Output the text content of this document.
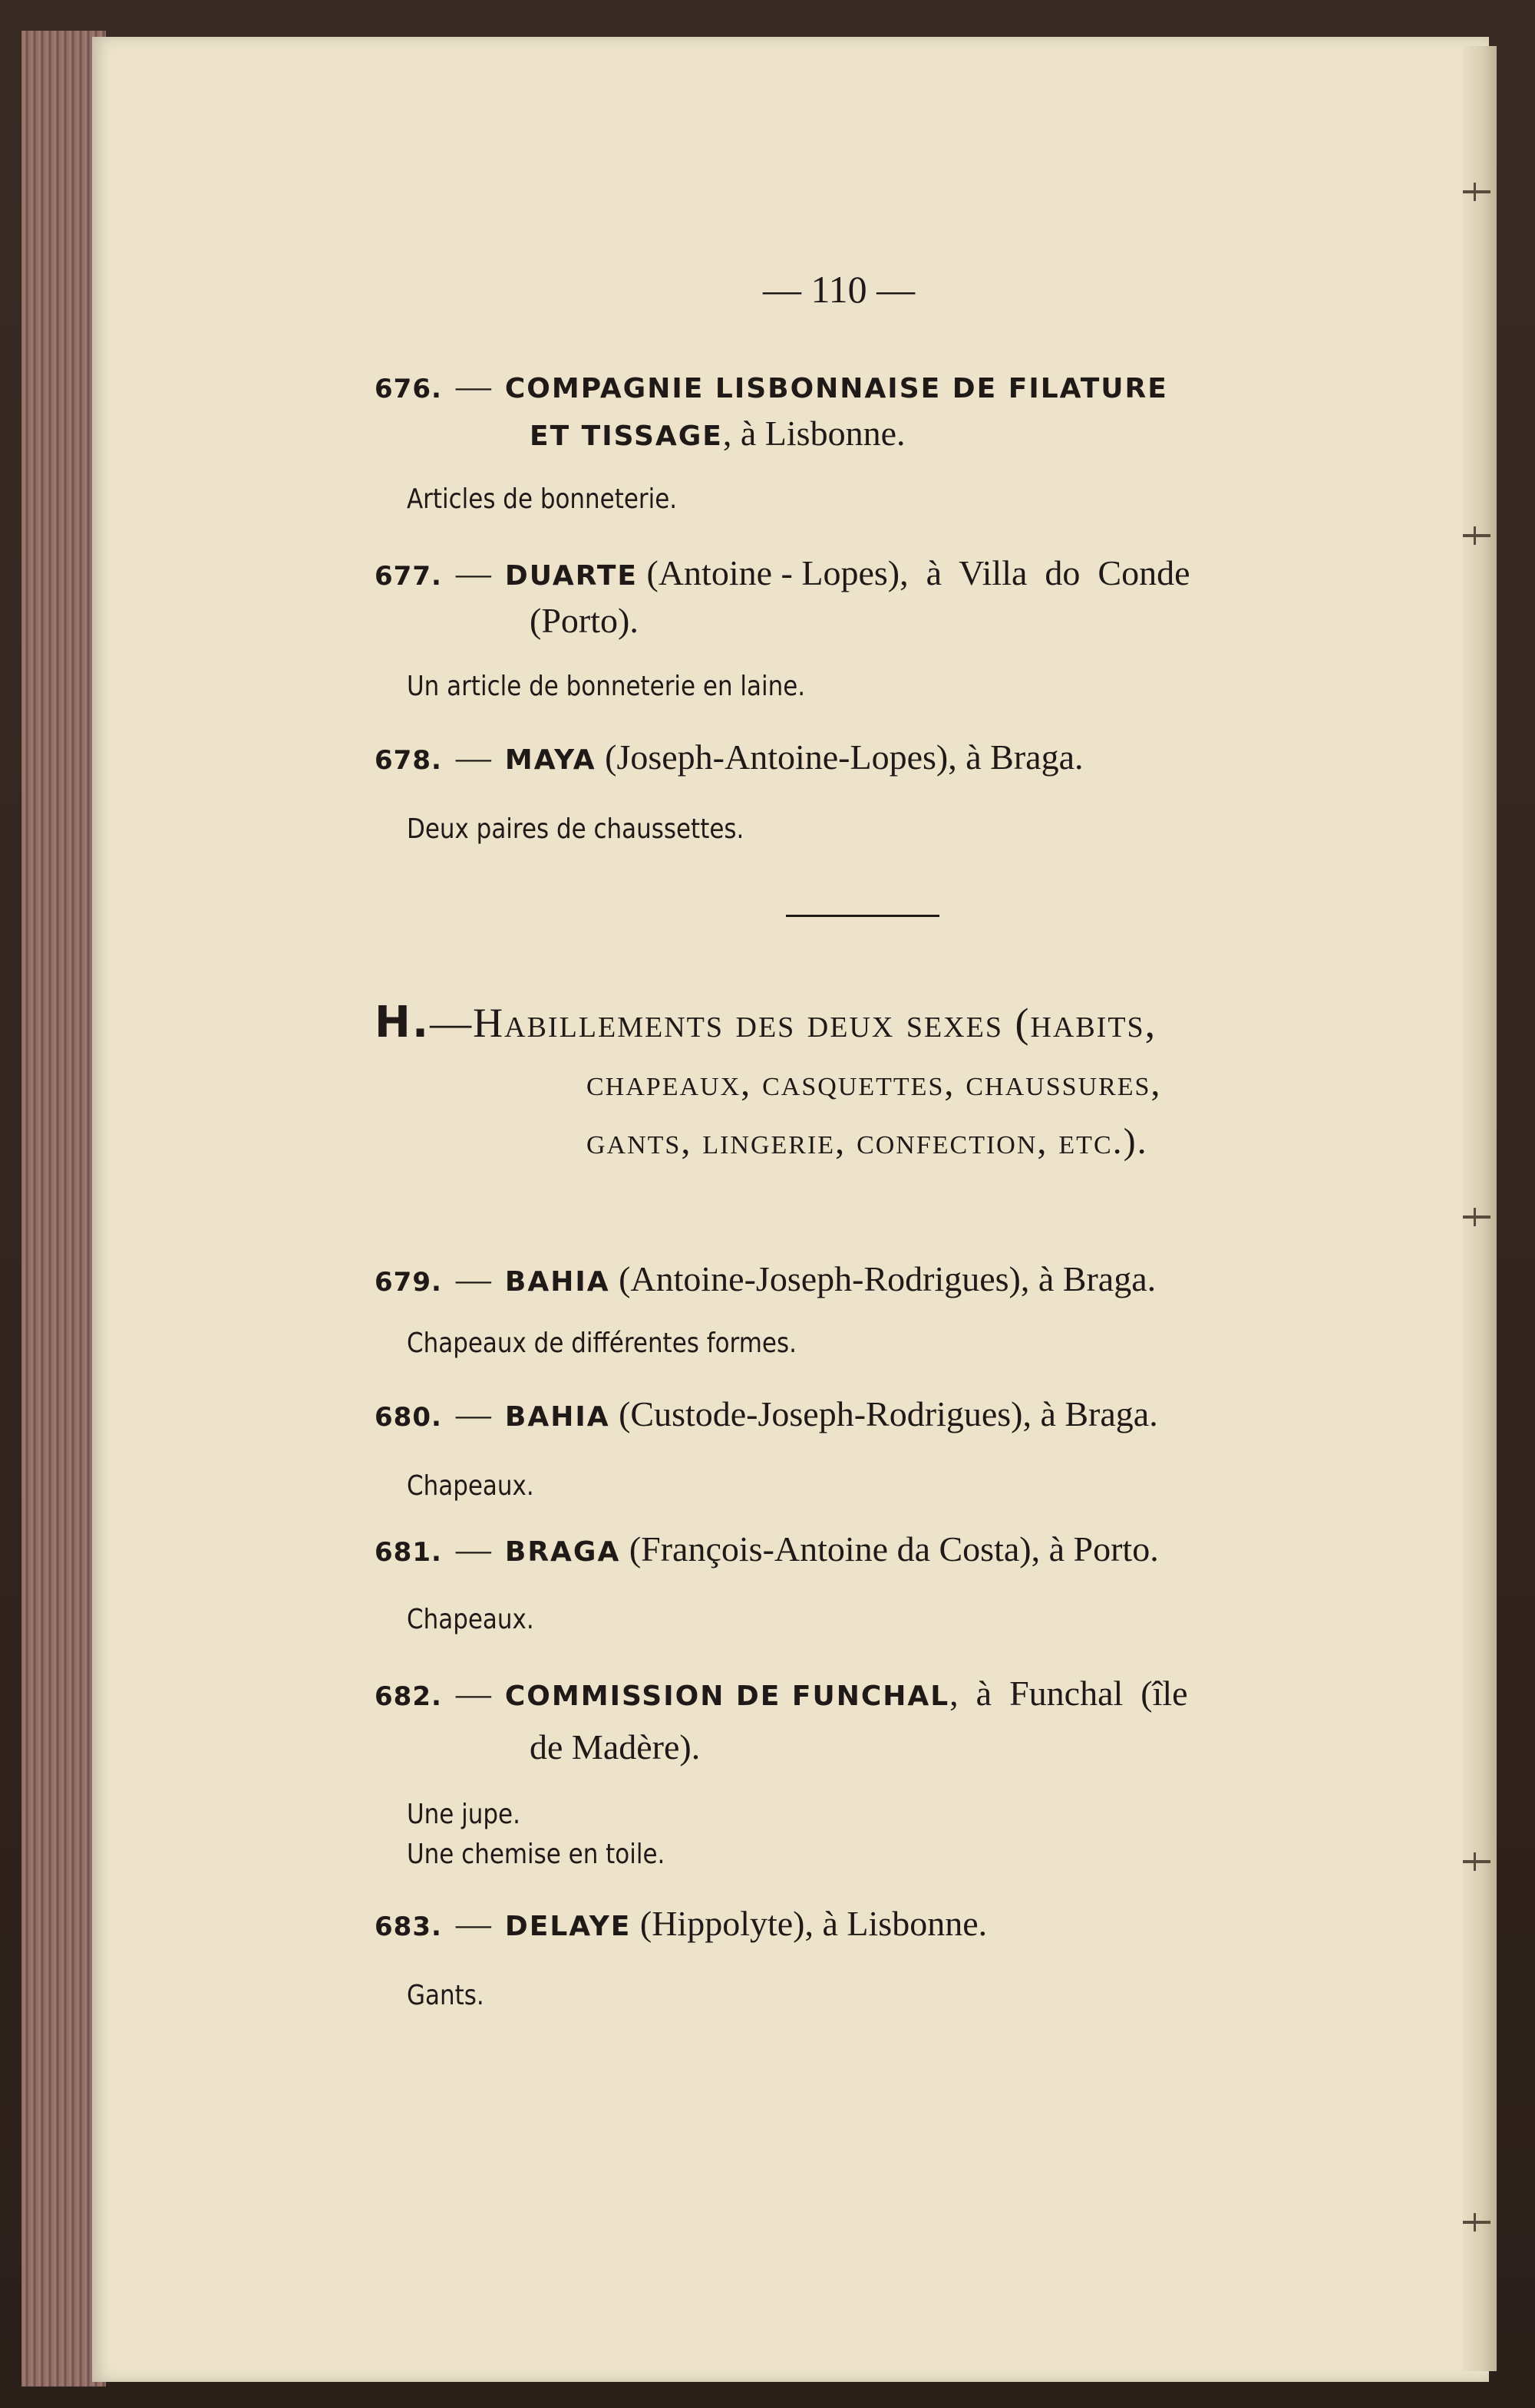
— 110 —
676. — COMPAGNIE LISBONNAISE DE FILATURE
ET TISSAGE, à Lisbonne.
Articles de bonneterie.
677. — DUARTE (Antoine - Lopes),  à  Villa  do  Conde
(Porto).
Un article de bonneterie en laine.
678. — MAYA (Joseph-Antoine-Lopes), à Braga.
Deux paires de chaussettes.
H.—Habillements des deux sexes (habits,
chapeaux, casquettes, chaussures,
gants, lingerie, confection, etc.).
679. — BAHIA (Antoine-Joseph-Rodrigues), à Braga.
Chapeaux de différentes formes.
680. — BAHIA (Custode-Joseph-Rodrigues), à Braga.
Chapeaux.
681. — BRAGA (François-Antoine da Costa), à Porto.
Chapeaux.
682. — COMMISSION DE FUNCHAL,  à  Funchal  (île
de Madère).
Une jupe.
Une chemise en toile.
683. — DELAYE (Hippolyte), à Lisbonne.
Gants.
